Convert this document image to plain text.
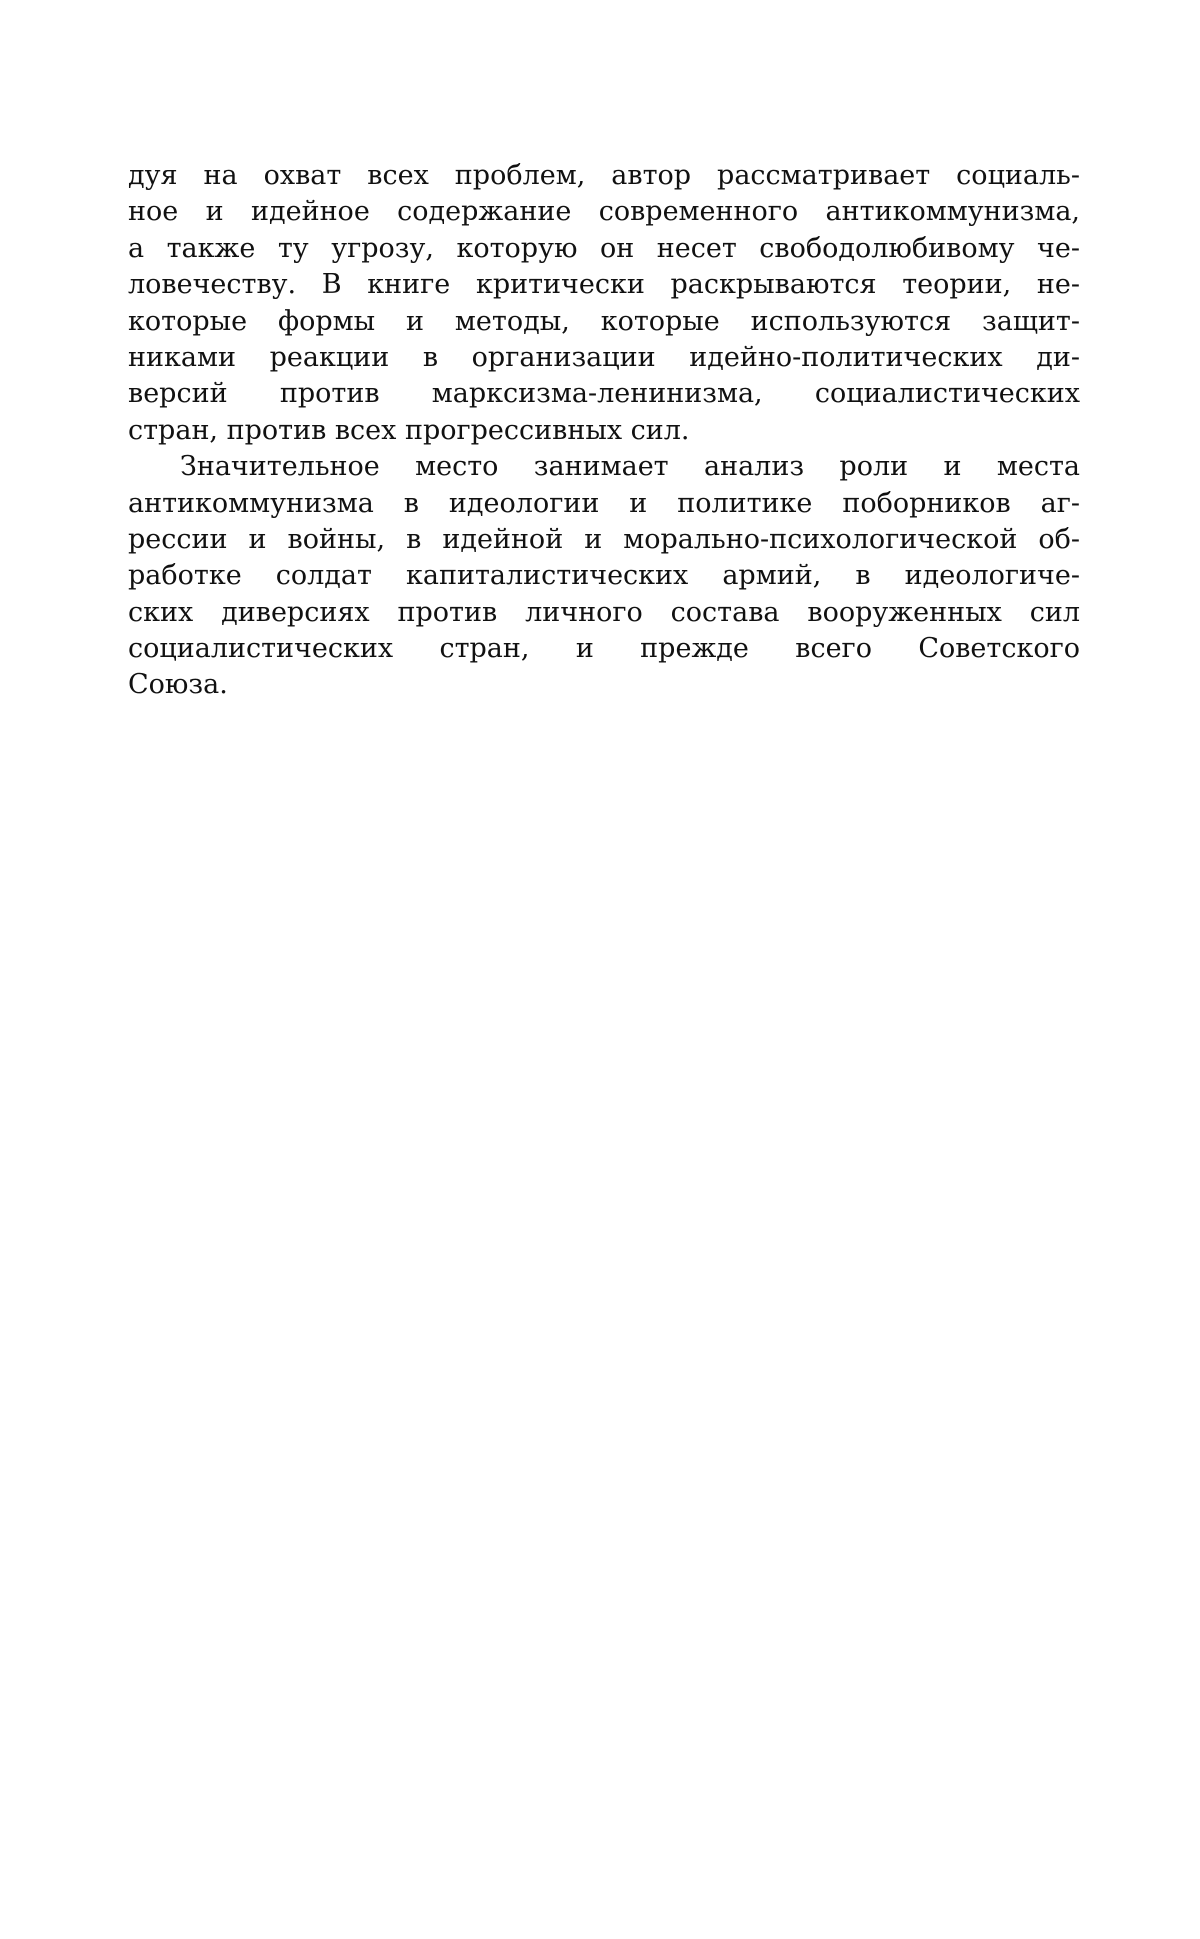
дуя на охват всех проблем, автор рассматривает социаль-
ное и идейное содержание современного антикоммунизма,
а также ту угрозу, которую он несет свободолюбивому че-
ловечеству. В книге критически раскрываются теории, не-
которые формы и методы, которые используются защит-
никами реакции в организации идейно-политических ди-
версий против марксизма-ленинизма, социалистических
стран, против всех прогрессивных сил.
Значительное место занимает анализ роли и места
антикоммунизма в идеологии и политике поборников аг-
рессии и войны, в идейной и морально-психологической об-
работке солдат капиталистических армий, в идеологиче-
ских диверсиях против личного состава вооруженных сил
социалистических стран, и прежде всего Советского
Союза.
